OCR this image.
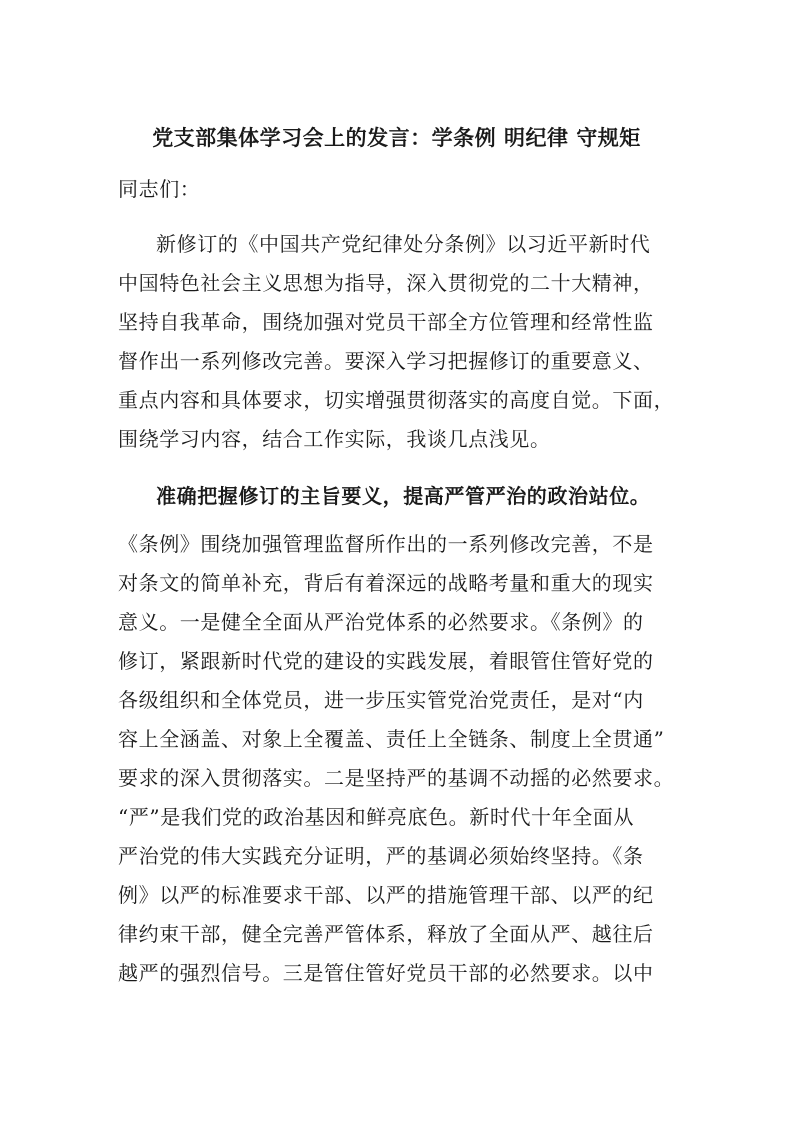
党支部集体学习会上的发言：学条例 明纪律 守规矩
同志们：
新修订的《中国共产党纪律处分条例》以习近平新时代
中国特色社会主义思想为指导，深入贯彻党的二十大精神，
坚持自我革命，围绕加强对党员干部全方位管理和经常性监
督作出一系列修改完善。要深入学习把握修订的重要意义、
重点内容和具体要求，切实增强贯彻落实的高度自觉。下面，
围绕学习内容，结合工作实际，我谈几点浅见。
准确把握修订的主旨要义，提高严管严治的政治站位。
《条例》围绕加强管理监督所作出的一系列修改完善，不是
对条文的简单补充，背后有着深远的战略考量和重大的现实
意义。一是健全全面从严治党体系的必然要求。《条例》的
修订，紧跟新时代党的建设的实践发展，着眼管住管好党的
各级组织和全体党员，进一步压实管党治党责任，是对“内
容上全涵盖、对象上全覆盖、责任上全链条、制度上全贯通”
要求的深入贯彻落实。二是坚持严的基调不动摇的必然要求。
“严”是我们党的政治基因和鲜亮底色。新时代十年全面从
严治党的伟大实践充分证明，严的基调必须始终坚持。《条
例》以严的标准要求干部、以严的措施管理干部、以严的纪
律约束干部，健全完善严管体系，释放了全面从严、越往后
越严的强烈信号。三是管住管好党员干部的必然要求。以中
